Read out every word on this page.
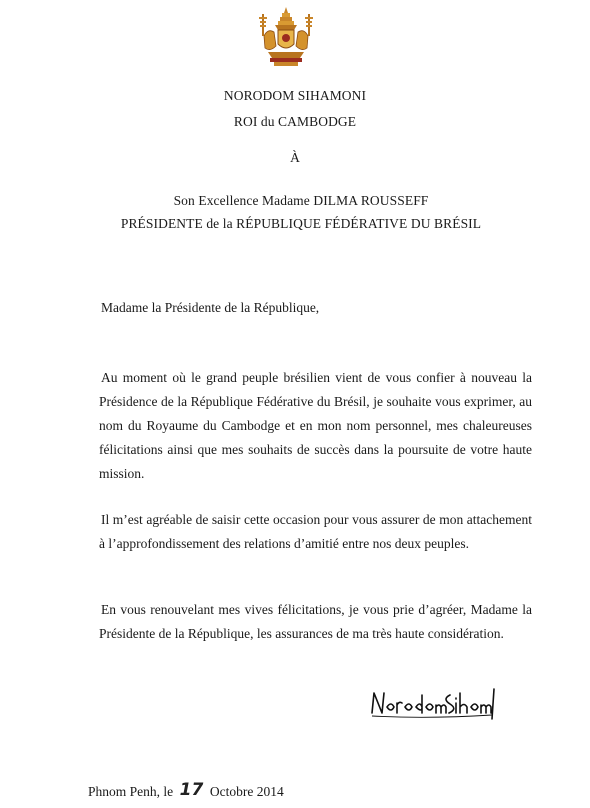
NORODOM SIHAMONI
ROI du CAMBODGE
À
Son Excellence Madame DILMA ROUSSEFF
PRÉSIDENTE de la RÉPUBLIQUE FÉDÉRATIVE DU BRÉSIL
Madame la Présidente de la République,

Au moment où le grand peuple brésilien vient de vous confier à nouveau la Présidence de la République Fédérative du Brésil, je souhaite vous exprimer, au nom du Royaume du Cambodge et en mon nom personnel, mes chaleureuses félicitations ainsi que mes souhaits de succès dans la poursuite de votre haute mission.

Il m’est agréable de saisir cette occasion pour vous assurer de mon attachement à l’approfondissement des relations d’amitié entre nos deux peuples.

En vous renouvelant mes vives félicitations, je vous prie d’agréer, Madame la Présidente de la République, les assurances de ma très haute considération.

Phnom Penh, le 17 Octobre 2014
